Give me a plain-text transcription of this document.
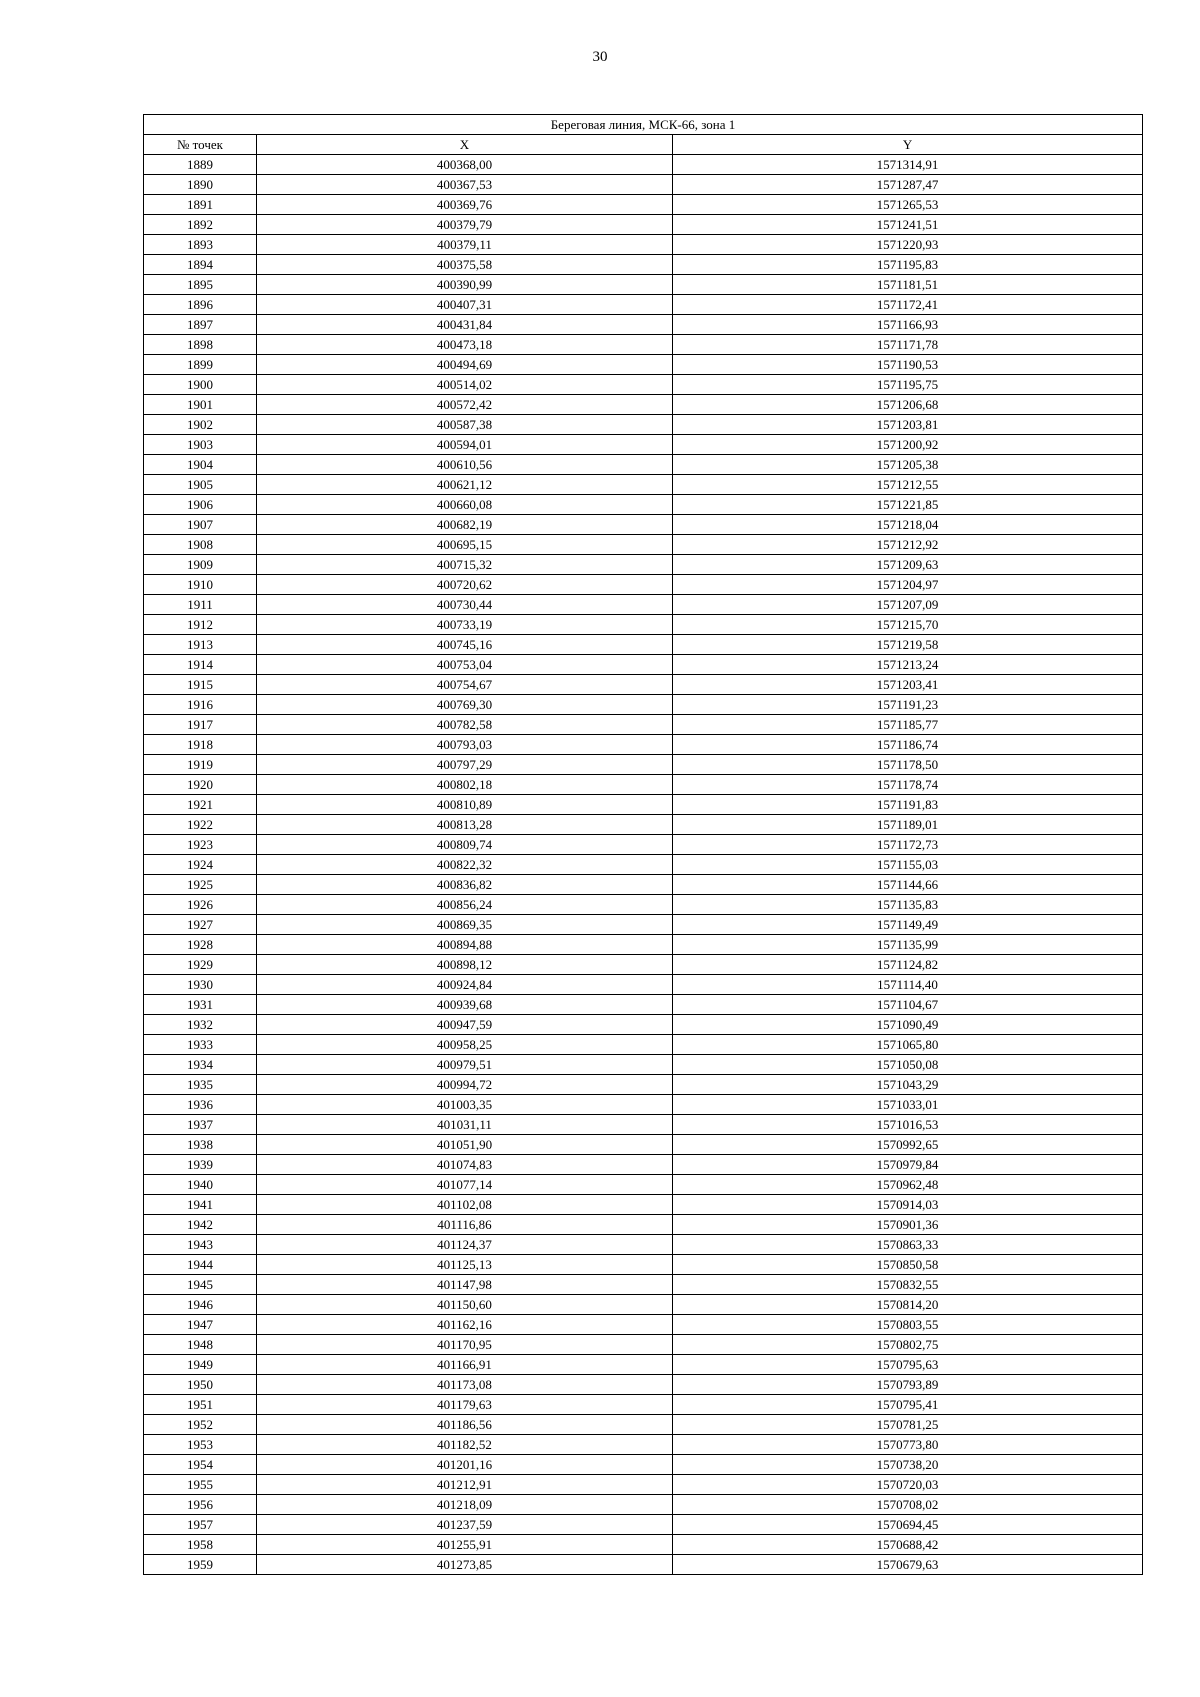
30
Береговая линия, МСК-66, зона 1		
№ точек	X	Y
1889	400368,00	1571314,91
1890	400367,53	1571287,47
1891	400369,76	1571265,53
1892	400379,79	1571241,51
1893	400379,11	1571220,93
1894	400375,58	1571195,83
1895	400390,99	1571181,51
1896	400407,31	1571172,41
1897	400431,84	1571166,93
1898	400473,18	1571171,78
1899	400494,69	1571190,53
1900	400514,02	1571195,75
1901	400572,42	1571206,68
1902	400587,38	1571203,81
1903	400594,01	1571200,92
1904	400610,56	1571205,38
1905	400621,12	1571212,55
1906	400660,08	1571221,85
1907	400682,19	1571218,04
1908	400695,15	1571212,92
1909	400715,32	1571209,63
1910	400720,62	1571204,97
1911	400730,44	1571207,09
1912	400733,19	1571215,70
1913	400745,16	1571219,58
1914	400753,04	1571213,24
1915	400754,67	1571203,41
1916	400769,30	1571191,23
1917	400782,58	1571185,77
1918	400793,03	1571186,74
1919	400797,29	1571178,50
1920	400802,18	1571178,74
1921	400810,89	1571191,83
1922	400813,28	1571189,01
1923	400809,74	1571172,73
1924	400822,32	1571155,03
1925	400836,82	1571144,66
1926	400856,24	1571135,83
1927	400869,35	1571149,49
1928	400894,88	1571135,99
1929	400898,12	1571124,82
1930	400924,84	1571114,40
1931	400939,68	1571104,67
1932	400947,59	1571090,49
1933	400958,25	1571065,80
1934	400979,51	1571050,08
1935	400994,72	1571043,29
1936	401003,35	1571033,01
1937	401031,11	1571016,53
1938	401051,90	1570992,65
1939	401074,83	1570979,84
1940	401077,14	1570962,48
1941	401102,08	1570914,03
1942	401116,86	1570901,36
1943	401124,37	1570863,33
1944	401125,13	1570850,58
1945	401147,98	1570832,55
1946	401150,60	1570814,20
1947	401162,16	1570803,55
1948	401170,95	1570802,75
1949	401166,91	1570795,63
1950	401173,08	1570793,89
1951	401179,63	1570795,41
1952	401186,56	1570781,25
1953	401182,52	1570773,80
1954	401201,16	1570738,20
1955	401212,91	1570720,03
1956	401218,09	1570708,02
1957	401237,59	1570694,45
1958	401255,91	1570688,42
1959	401273,85	1570679,63
